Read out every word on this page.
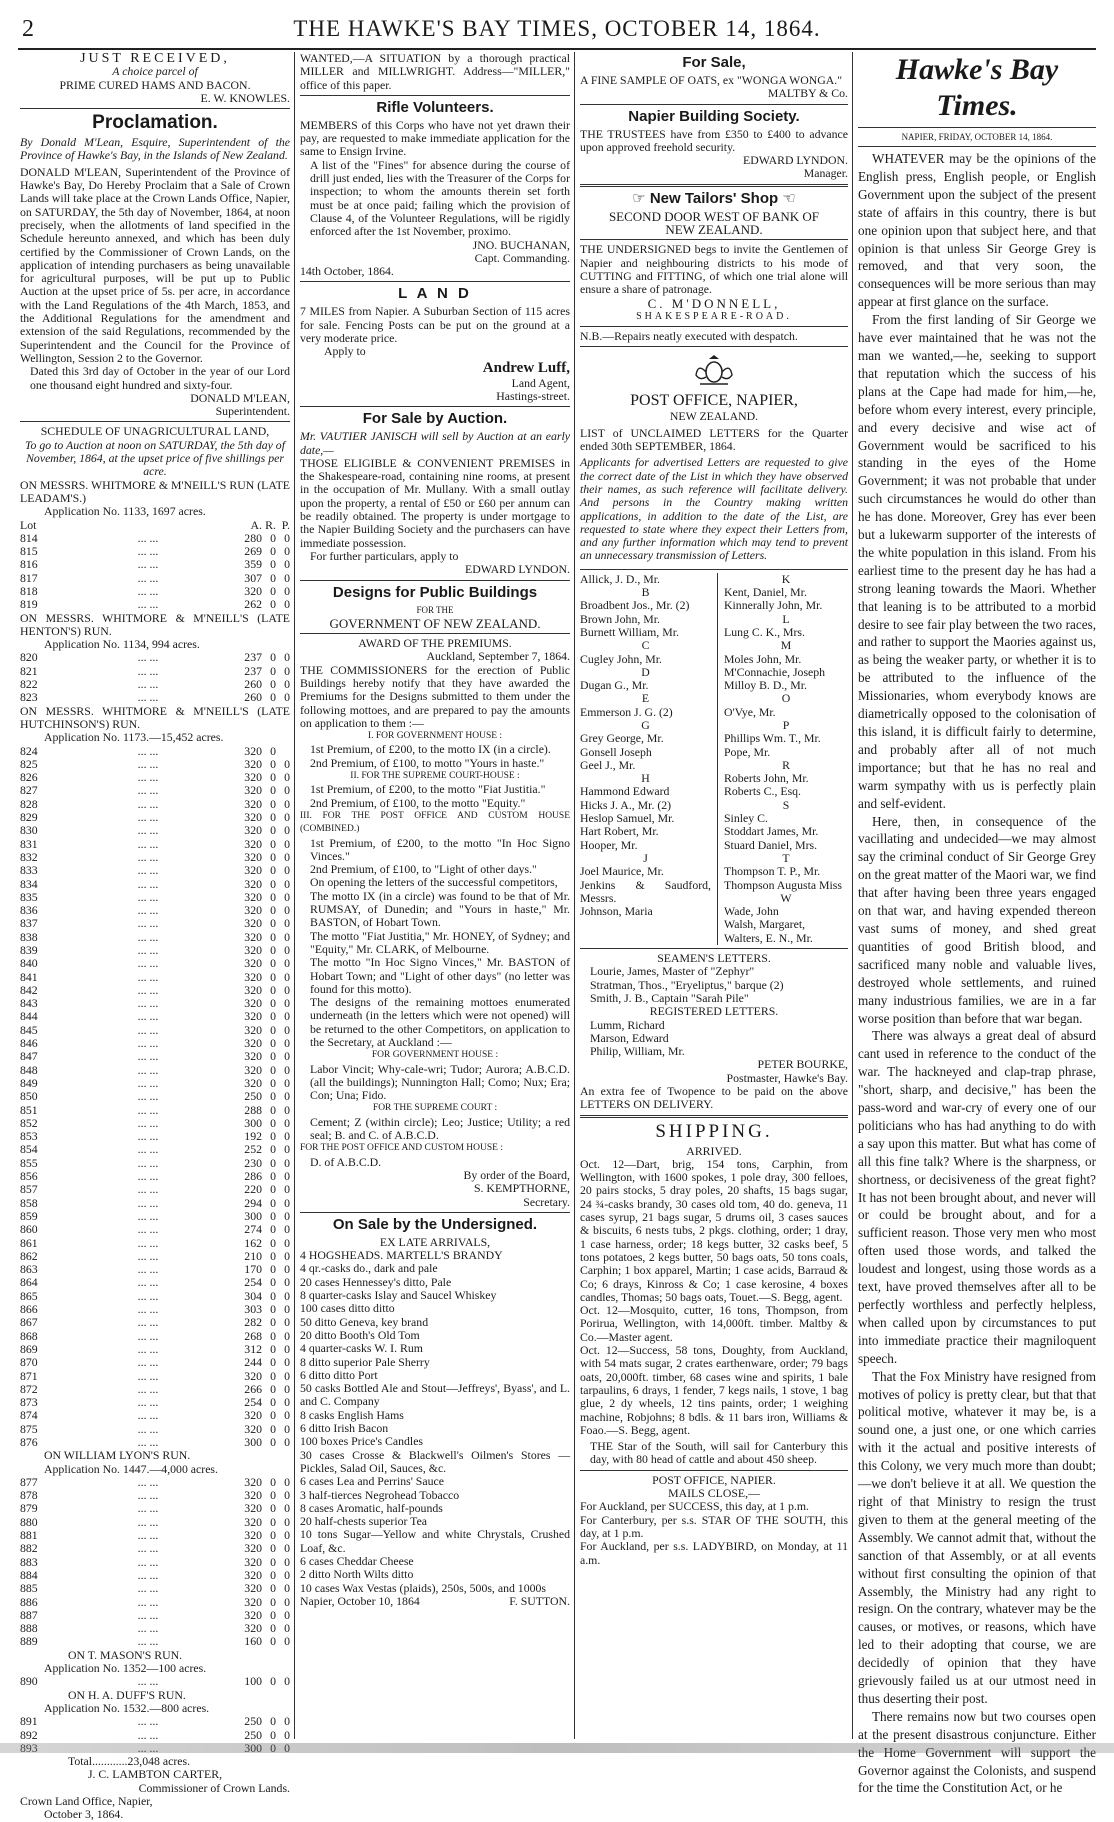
2	THE HAWKE'S BAY TIMES, OCTOBER 14, 1864.

JUST RECEIVED,

A choice parcel of

PRIME CURED HAMS AND BACON.

E. W. KNOWLES.

Proclamation.

By Donald M'Lean, Esquire, Superintendent of the Province of Hawke's Bay, in the Islands of New Zealand.

DONALD M'LEAN, Superintendent of the Province of Hawke's Bay, Do Hereby Proclaim that a Sale of Crown Lands will take place at the Crown Lands Office, Napier, on SATURDAY, the 5th day of November, 1864, at noon precisely, when the allotments of land specified in the Schedule hereunto annexed, and which has been duly certified by the Commissioner of Crown Lands, on the application of intending purchasers as being unavailable for agricultural purposes, will be put up to Public Auction at the upset price of 5s. per acre, in accordance with the Land Regulations of the 4th March, 1853, and the Additional Regulations for the amendment and extension of the said Regulations, recommended by the Superintendent and the Council for the Province of Wellington, Session 2 to the Governor.

Dated this 3rd day of October in the year of our Lord one thousand eight hundred and sixty-four.

DONALD M'LEAN,

Superintendent.

SCHEDULE OF UNAGRICULTURAL LAND,

To go to Auction at noon on SATURDAY, the 5th day of November, 1864, at the upset price of five shillings per acre.

ON MESSRS. WHITMORE & M'NEILL'S RUN (LATE LEADAM'S.)

Application No. 1133, 1697 acres.

Lot	A. R. P.
814	... ...	280 0 0
815	... ...	269 0 0
816	... ...	359 0 0
817	... ...	307 0 0
818	... ...	320 0 0
819	... ...	262 0 0

ON MESSRS. WHITMORE & M'NEILL'S (LATE HENTON'S) RUN.

Application No. 1134, 994 acres.

820	... ...	237 0 0
821	... ...	237 0 0
822	... ...	260 0 0
823	... ...	260 0 0

ON MESSRS. WHITMORE & M'NEILL'S (LATE HUTCHINSON'S) RUN.

Application No. 1173.—15,452 acres.

824	... ...	320 0
825	... ...	320 0 0
826	... ...	320 0 0
827	... ...	320 0 0
828	... ...	320 0 0
829	... ...	320 0 0
830	... ...	320 0 0
831	... ...	320 0 0
832	... ...	320 0 0
833	... ...	320 0 0
834	... ...	320 0 0
835	... ...	320 0 0
836	... ...	320 0 0
837	... ...	320 0 0
838	... ...	320 0 0
839	... ...	320 0 0
840	... ...	320 0 0
841	... ...	320 0 0
842	... ...	320 0 0
843	... ...	320 0 0
844	... ...	320 0 0
845	... ...	320 0 0
846	... ...	320 0 0
847	... ...	320 0 0
848	... ...	320 0 0
849	... ...	320 0 0
850	... ...	250 0 0
851	... ...	288 0 0
852	... ...	300 0 0
853	... ...	192 0 0
854	... ...	252 0 0
855	... ...	230 0 0
856	... ...	286 0 0
857	... ...	220 0 0
858	... ...	294 0 0
859	... ...	300 0 0
860	... ...	274 0 0
861	... ...	162 0 0
862	... ...	210 0 0
863	... ...	170 0 0
864	... ...	254 0 0
865	... ...	304 0 0
866	... ...	303 0 0
867	... ...	282 0 0
868	... ...	268 0 0
869	... ...	312 0 0
870	... ...	244 0 0
871	... ...	320 0 0
872	... ...	266 0 0
873	... ...	254 0 0
874	... ...	320 0 0
875	... ...	320 0 0
876	... ...	300 0 0

ON WILLIAM LYON'S RUN.

Application No. 1447.—4,000 acres.

877	... ...	320 0 0
878	... ...	320 0 0
879	... ...	320 0 0
880	... ...	320 0 0
881	... ...	320 0 0
882	... ...	320 0 0
883	... ...	320 0 0
884	... ...	320 0 0
885	... ...	320 0 0
886	... ...	320 0 0
887	... ...	320 0 0
888	... ...	320 0 0
889	... ...	160 0 0

ON T. MASON'S RUN.

Application No. 1352—100 acres.

890	... ...	100 0 0

ON H. A. DUFF'S RUN.

Application No. 1532.—800 acres.

891	... ...	250 0 0
892	... ...	250 0 0
893	... ...	300 0 0

Total............23,048 acres.

J. C. LAMBTON CARTER,

Commissioner of Crown Lands.

Crown Land Office, Napier,

October 3, 1864.

WANTED,—A SITUATION by a thorough practical MILLER and MILLWRIGHT. Address—"MILLER," office of this paper.

Rifle Volunteers.

MEMBERS of this Corps who have not yet drawn their pay, are requested to make immediate application for the same to Ensign Irvine.

A list of the "Fines" for absence during the course of drill just ended, lies with the Treasurer of the Corps for inspection; to whom the amounts therein set forth must be at once paid; failing which the provision of Clause 4, of the Volunteer Regulations, will be rigidly enforced after the 1st November, proximo.

JNO. BUCHANAN,

Capt. Commanding.

14th October, 1864.

L A N D

7 MILES from Napier. A Suburban Section of 115 acres for sale. Fencing Posts can be put on the ground at a very moderate price.

Apply to

Andrew Luff,

Land Agent,

Hastings-street.

For Sale by Auction.

Mr. VAUTIER JANISCH will sell by Auction at an early date,—

THOSE ELIGIBLE & CONVENIENT PREMISES in the Shakespeare-road, containing nine rooms, at present in the occupation of Mr. Mullany. With a small outlay upon the property, a rental of £50 or £60 per annum can be readily obtained. The property is under mortgage to the Napier Building Society and the purchasers can have immediate possession.

For further particulars, apply to

EDWARD LYNDON.

Designs for Public Buildings

FOR THE

GOVERNMENT OF NEW ZEALAND.

AWARD OF THE PREMIUMS.

Auckland, September 7, 1864.

THE COMMISSIONERS for the erection of Public Buildings hereby notify that they have awarded the Premiums for the Designs submitted to them under the following mottoes, and are prepared to pay the amounts on application to them :—

I. FOR GOVERNMENT HOUSE :

1st Premium, of £200, to the motto IX (in a circle).

2nd Premium, of £100, to motto "Yours in haste."

II. FOR THE SUPREME COURT-HOUSE :

1st Premium, of £200, to the motto "Fiat Justitia."

2nd Premium, of £100, to the motto "Equity."

III. FOR THE POST OFFICE AND CUSTOM HOUSE (COMBINED.)

1st Premium, of £200, to the motto "In Hoc Signo Vinces."

2nd Premium, of £100, to "Light of other days."

On opening the letters of the successful competitors,

The motto IX (in a circle) was found to be that of Mr. RUMSAY, of Dunedin; and "Yours in haste," Mr. BASTON, of Hobart Town.

The motto "Fiat Justitia," Mr. HONEY, of Sydney; and "Equity," Mr. CLARK, of Melbourne.

The motto "In Hoc Signo Vinces," Mr. BASTON of Hobart Town; and "Light of other days" (no letter was found for this motto).

The designs of the remaining mottoes enumerated underneath (in the letters which were not opened) will be returned to the other Competitors, on application to the Secretary, at Auckland :—

FOR GOVERNMENT HOUSE :

Labor Vincit; Why-cale-wri; Tudor; Aurora; A.B.C.D. (all the buildings); Nunnington Hall; Como; Nux; Era; Con; Una; Fido.

FOR THE SUPREME COURT :

Cement; Z (within circle); Leo; Justice; Utility; a red seal; B. and C. of A.B.C.D.

FOR THE POST OFFICE AND CUSTOM HOUSE :

D. of A.B.C.D.

By order of the Board,

S. KEMPTHORNE,

Secretary.

On Sale by the Undersigned.

EX LATE ARRIVALS,

4 HOGSHEADS. MARTELL'S BRANDY

4 qr.-casks do., dark and pale

20 cases Hennessey's ditto, Pale

8 quarter-casks Islay and Saucel Whiskey

100 cases ditto ditto

50 ditto Geneva, key brand

20 ditto Booth's Old Tom

4 quarter-casks W. I. Rum

8 ditto superior Pale Sherry

6 ditto ditto Port

50 casks Bottled Ale and Stout—Jeffreys', Byass', and L. and C. Company

8 casks English Hams

6 ditto Irish Bacon

100 boxes Price's Candles

30 cases Crosse & Blackwell's Oilmen's Stores —Pickles, Salad Oil, Sauces, &c.

6 cases Lea and Perrins' Sauce

3 half-tierces Negrohead Tobacco

8 cases Aromatic, half-pounds

20 half-chests superior Tea

10 tons Sugar—Yellow and white Chrystals, Crushed Loaf, &c.

6 cases Cheddar Cheese

2 ditto North Wilts ditto

10 cases Wax Vestas (plaids), 250s, 500s, and 1000s

Napier, October 10, 1864	F. SUTTON.

For Sale,

A FINE SAMPLE OF OATS, ex "WONGA WONGA."

MALTBY & Co.

Napier Building Society.

THE TRUSTEES have from £350 to £400 to advance upon approved freehold security.

EDWARD LYNDON.

Manager.

☞ New Tailors' Shop ☜

SECOND DOOR WEST OF BANK OF

NEW ZEALAND.

THE UNDERSIGNED begs to invite the Gentlemen of Napier and neighbouring districts to his mode of CUTTING and FITTING, of which one trial alone will ensure a share of patronage.

C. M'DONNELL,

SHAKESPEARE-ROAD.

N.B.—Repairs neatly executed with despatch.

POST OFFICE, NAPIER,

NEW ZEALAND.

LIST of UNCLAIMED LETTERS for the Quarter ended 30th SEPTEMBER, 1864.

Applicants for advertised Letters are requested to give the correct date of the List in which they have observed their names, as such reference will facilitate delivery. And persons in the Country making written applications, in addition to the date of the List, are requested to state where they expect their Letters from, and any further information which may tend to prevent an unnecessary transmission of Letters.

Allick, J. D., Mr.

B

Broadbent Jos., Mr. (2)

Brown John, Mr.

Burnett William, Mr.

C

Cugley John, Mr.

D

Dugan G., Mr.

E

Emmerson J. G. (2)

G

Grey George, Mr.

Gonsell Joseph

Geel J., Mr.

H

Hammond Edward

Hicks J. A., Mr. (2)

Heslop Samuel, Mr.

Hart Robert, Mr.

Hooper, Mr.

J

Joel Maurice, Mr.

Jenkins & Saudford, Messrs.

Johnson, Maria

K

Kent, Daniel, Mr.

Kinnerally John, Mr.

L

Lung C. K., Mrs.

M

Moles John, Mr.

M'Connachie, Joseph

Milloy B. D., Mr.

O

O'Vye, Mr.

P

Phillips Wm. T., Mr.

Pope, Mr.

R

Roberts John, Mr.

Roberts C., Esq.

S

Sinley C.

Stoddart James, Mr.

Stuard Daniel, Mrs.

T

Thompson T. P., Mr.

Thompson Augusta Miss

W

Wade, John

Walsh, Margaret,

Walters, E. N., Mr.

SEAMEN'S LETTERS.

Lourie, James, Master of "Zephyr"

Stratman, Thos., "Eryeliptus," barque (2)

Smith, J. B., Captain "Sarah Pile"

REGISTERED LETTERS.

Lumm, Richard

Marson, Edward

Philip, William, Mr.

PETER BOURKE,

Postmaster, Hawke's Bay.

An extra fee of Twopence to be paid on the above LETTERS ON DELIVERY.

SHIPPING.

ARRIVED.

Oct. 12—Dart, brig, 154 tons, Carphin, from Wellington, with 1600 spokes, 1 pole dray, 300 felloes, 20 pairs stocks, 5 dray poles, 20 shafts, 15 bags sugar, 24 ¾-casks brandy, 30 cases old tom, 40 do. geneva, 11 cases syrup, 21 bags sugar, 5 drums oil, 3 cases sauces & biscuits, 6 nests tubs, 2 pkgs. clothing, order; 1 dray, 1 case harness, order; 18 kegs butter, 32 casks beef, 5 tons potatoes, 2 kegs butter, 50 bags oats, 50 tons coals, Carphin; 1 box apparel, Martin; 1 case acids, Barraud & Co; 6 drays, Kinross & Co; 1 case kerosine, 4 boxes candles, Thomas; 50 bags oats, Touet.—S. Begg, agent.

Oct. 12—Mosquito, cutter, 16 tons, Thompson, from Porirua, Wellington, with 14,000ft. timber. Maltby & Co.—Master agent.

Oct. 12—Success, 58 tons, Doughty, from Auckland, with 54 mats sugar, 2 crates earthenware, order; 79 bags oats, 20,000ft. timber, 68 cases wine and spirits, 1 bale tarpaulins, 6 drays, 1 fender, 7 kegs nails, 1 stove, 1 bag glue, 2 dy wheels, 12 tins paints, order; 1 weighing machine, Robjohns; 8 bdls. & 11 bars iron, Williams & Foao.—S. Begg, agent.

THE Star of the South, will sail for Canterbury this day, with 80 head of cattle and about 450 sheep.

POST OFFICE, NAPIER.

MAILS CLOSE,—

For Auckland, per SUCCESS, this day, at 1 p.m.

For Canterbury, per s.s. STAR OF THE SOUTH, this day, at 1 p.m.

For Auckland, per s.s. LADYBIRD, on Monday, at 11 a.m.

Hawke's Bay Times.

NAPIER, FRIDAY, OCTOBER 14, 1864.

WHATEVER may be the opinions of the English press, English people, or English Government upon the subject of the present state of affairs in this country, there is but one opinion upon that subject here, and that opinion is that unless Sir George Grey is removed, and that very soon, the consequences will be more serious than may appear at first glance on the surface.

From the first landing of Sir George we have ever maintained that he was not the man we wanted,—he, seeking to support that reputation which the success of his plans at the Cape had made for him,—he, before whom every interest, every principle, and every decisive and wise act of Government would be sacrificed to his standing in the eyes of the Home Government; it was not probable that under such circumstances he would do other than he has done. Moreover, Grey has ever been but a lukewarm supporter of the interests of the white population in this island. From his earliest time to the present day he has had a strong leaning towards the Maori. Whether that leaning is to be attributed to a morbid desire to see fair play between the two races, and rather to support the Maories against us, as being the weaker party, or whether it is to be attributed to the influence of the Missionaries, whom everybody knows are diametrically opposed to the colonisation of this island, it is difficult fairly to determine, and probably after all of not much importance; but that he has no real and warm sympathy with us is perfectly plain and self-evident.

Here, then, in consequence of the vacillating and undecided—we may almost say the criminal conduct of Sir George Grey on the great matter of the Maori war, we find that after having been three years engaged on that war, and having expended thereon vast sums of money, and shed great quantities of good British blood, and sacrificed many noble and valuable lives, destroyed whole settlements, and ruined many industrious families, we are in a far worse position than before that war began.

There was always a great deal of absurd cant used in reference to the conduct of the war. The hackneyed and clap-trap phrase, "short, sharp, and decisive," has been the pass-word and war-cry of every one of our politicians who has had anything to do with a say upon this matter. But what has come of all this fine talk? Where is the sharpness, or shortness, or decisiveness of the great fight? It has not been brought about, and never will or could be brought about, and for a sufficient reason. Those very men who most often used those words, and talked the loudest and longest, using those words as a text, have proved themselves after all to be perfectly worthless and perfectly helpless, when called upon by circumstances to put into immediate practice their magniloquent speech.

That the Fox Ministry have resigned from motives of policy is pretty clear, but that that political motive, whatever it may be, is a sound one, a just one, or one which carries with it the actual and positive interests of this Colony, we very much more than doubt; —we don't believe it at all. We question the right of that Ministry to resign the trust given to them at the general meeting of the Assembly. We cannot admit that, without the sanction of that Assembly, or at all events without first consulting the opinion of that Assembly, the Ministry had any right to resign. On the contrary, whatever may be the causes, or motives, or reasons, which have led to their adopting that course, we are decidedly of opinion that they have grievously failed us at our utmost need in thus deserting their post.

There remains now but two courses open at the present disastrous conjuncture. Either the Home Government will support the Governor against the Colonists, and suspend for the time the Constitution Act, or he
